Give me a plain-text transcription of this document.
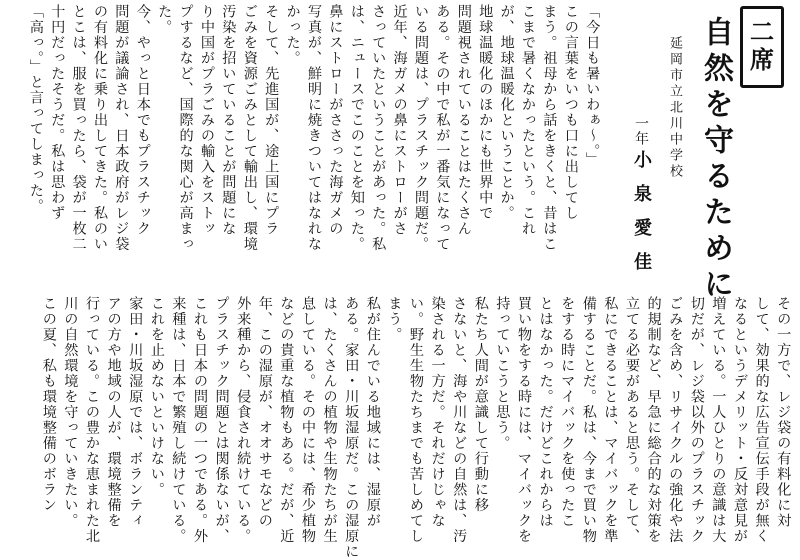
二
席
自然を守るために
延岡市立北川中学校
一年
小泉愛佳
「今日も暑いわぁ～。」
この言葉をいつも口に出してし
まう。祖母から話をきくと、昔はこ
こまで暑くなかったという。これ
が、地球温暖化ということか。
地球温暖化のほかにも世界中で
問題視されていることはたくさん
ある。その中で私が一番気になって
いる問題は、プラスチック問題だ。
近年、海ガメの鼻にストローがさ
さっていたということがあった。私
は、ニュースでこのことを知った。
鼻にストローがささった海ガメの
写真が、鮮明に焼きついてはなれな
かった。
そして、先進国が、途上国にプラ
ごみを資源ごみとして輸出し、環境
汚染を招いていることが問題にな
り中国がプラごみの輸入をストッ
プするなど、国際的な関心が高まっ
た。
今、やっと日本でもプラスチック
問題が議論され、日本政府がレジ袋
の有料化に乗り出してきた。私のい
とこは、服を買ったら、袋が一枚二
十円だったそうだ。私は思わず
「高っ。」と言ってしまった。
その一方で、レジ袋の有料化に対
して、効果的な広告宣伝手段が無く
なるというデメリット・反対意見が
増えている。一人ひとりの意識は大
切だが、レジ袋以外のプラスチック
ごみを含め、リサイクルの強化や法
的規制など、早急に総合的な対策を
立てる必要があると思う。そして、
私にできることは、マイバックを準
備することだ。私は、今まで買い物
をする時にマイバックを使ったこ
とはなかった。だけどこれからは
買い物をする時には、マイバックを
持っていこうと思う。
私たち人間が意識して行動に移
さないと、海や川などの自然は、汚
染される一方だ。それだけじゃな
い。野生生物たちまでも苦しめてし
まう。
私が住んでいる地域には、湿原が
ある。家田・川坂湿原だ。この湿原に
は、たくさんの植物や生物たちが生
息している。その中には、希少植物
などの貴重な植物もある。だが、近
年、この湿原が、オオサモなどの
外来種から、侵食され続けている。
プラスチック問題とは関係ないが、
これも日本の問題の一つである。外
来種は、日本で繁殖し続けている。
これを止めないといけない。
家田・川坂湿原では、ボランティ
アの方や地域の人が、環境整備を
行っている。この豊かな恵まれた北
川の自然環境を守っていきたい。
この夏、私も環境整備のボラン
